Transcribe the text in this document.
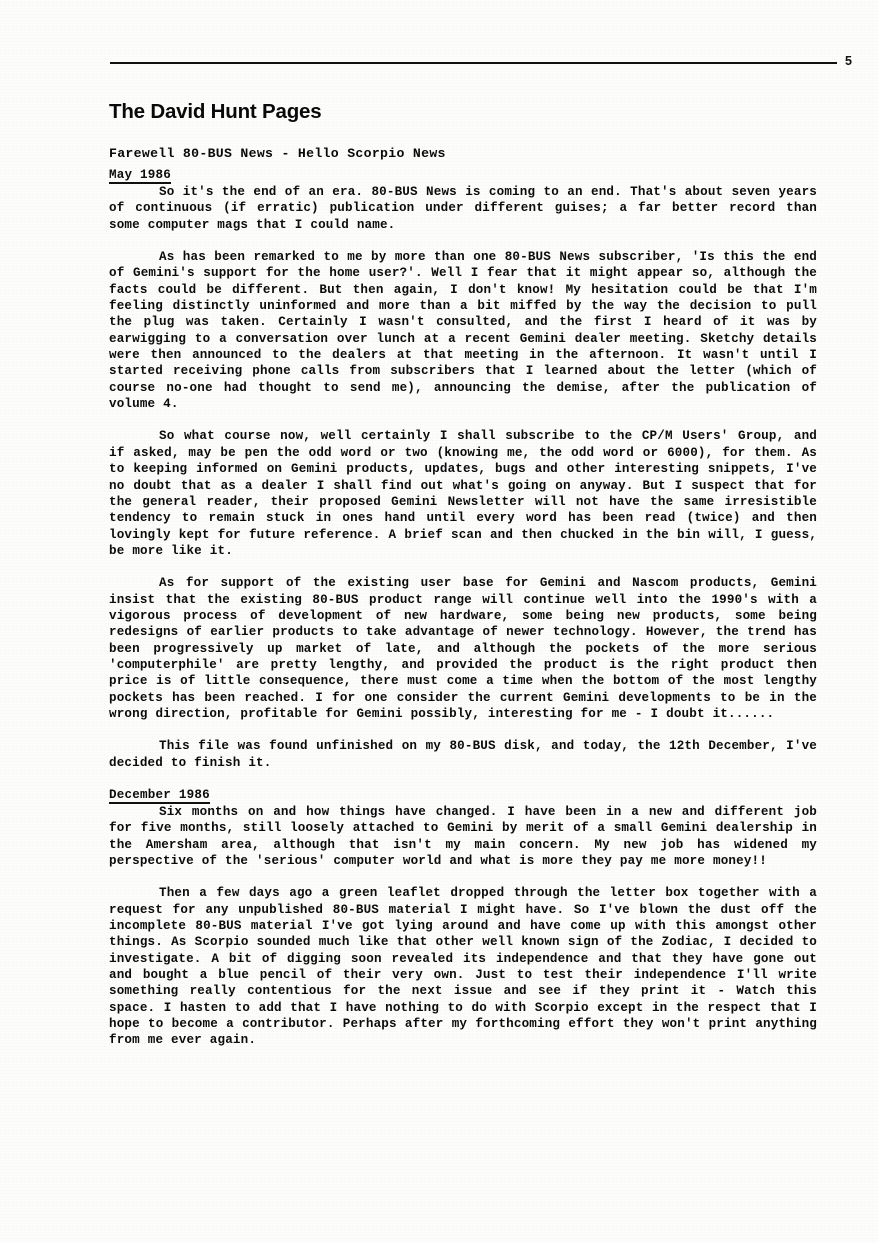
5
The David Hunt Pages
Farewell 80-BUS News - Hello Scorpio News
May 1986

So it's the end of an era. 80-BUS News is coming to an end. That's about seven years of continuous (if erratic) publication under different guises; a far better record than some computer mags that I could name.

As has been remarked to me by more than one 80-BUS News subscriber, 'Is this the end of Gemini's support for the home user?'. Well I fear that it might appear so, although the facts could be different. But then again, I don't know! My hesitation could be that I'm feeling distinctly uninformed and more than a bit miffed by the way the decision to pull the plug was taken. Certainly I wasn't consulted, and the first I heard of it was by earwigging to a conversation over lunch at a recent Gemini dealer meeting. Sketchy details were then announced to the dealers at that meeting in the afternoon. It wasn't until I started receiving phone calls from subscribers that I learned about the letter (which of course no-one had thought to send me), announcing the demise, after the publication of volume 4.

So what course now, well certainly I shall subscribe to the CP/M Users' Group, and if asked, may be pen the odd word or two (knowing me, the odd word or 6000), for them. As to keeping informed on Gemini products, updates, bugs and other interesting snippets, I've no doubt that as a dealer I shall find out what's going on anyway. But I suspect that for the general reader, their proposed Gemini Newsletter will not have the same irresistible tendency to remain stuck in ones hand until every word has been read (twice) and then lovingly kept for future reference. A brief scan and then chucked in the bin will, I guess, be more like it.

As for support of the existing user base for Gemini and Nascom products, Gemini insist that the existing 80-BUS product range will continue well into the 1990's with a vigorous process of development of new hardware, some being new products, some being redesigns of earlier products to take advantage of newer technology. However, the trend has been progressively up market of late, and although the pockets of the more serious 'computerphile' are pretty lengthy, and provided the product is the right product then price is of little consequence, there must come a time when the bottom of the most lengthy pockets has been reached. I for one consider the current Gemini developments to be in the wrong direction, profitable for Gemini possibly, interesting for me - I doubt it......

This file was found unfinished on my 80-BUS disk, and today, the 12th December, I've decided to finish it.

December 1986

Six months on and how things have changed. I have been in a new and different job for five months, still loosely attached to Gemini by merit of a small Gemini dealership in the Amersham area, although that isn't my main concern. My new job has widened my perspective of the 'serious' computer world and what is more they pay me more money!!

Then a few days ago a green leaflet dropped through the letter box together with a request for any unpublished 80-BUS material I might have. So I've blown the dust off the incomplete 80-BUS material I've got lying around and have come up with this amongst other things. As Scorpio sounded much like that other well known sign of the Zodiac, I decided to investigate. A bit of digging soon revealed its independence and that they have gone out and bought a blue pencil of their very own. Just to test their independence I'll write something really contentious for the next issue and see if they print it - Watch this space. I hasten to add that I have nothing to do with Scorpio except in the respect that I hope to become a contributor. Perhaps after my forthcoming effort they won't print anything from me ever again.
